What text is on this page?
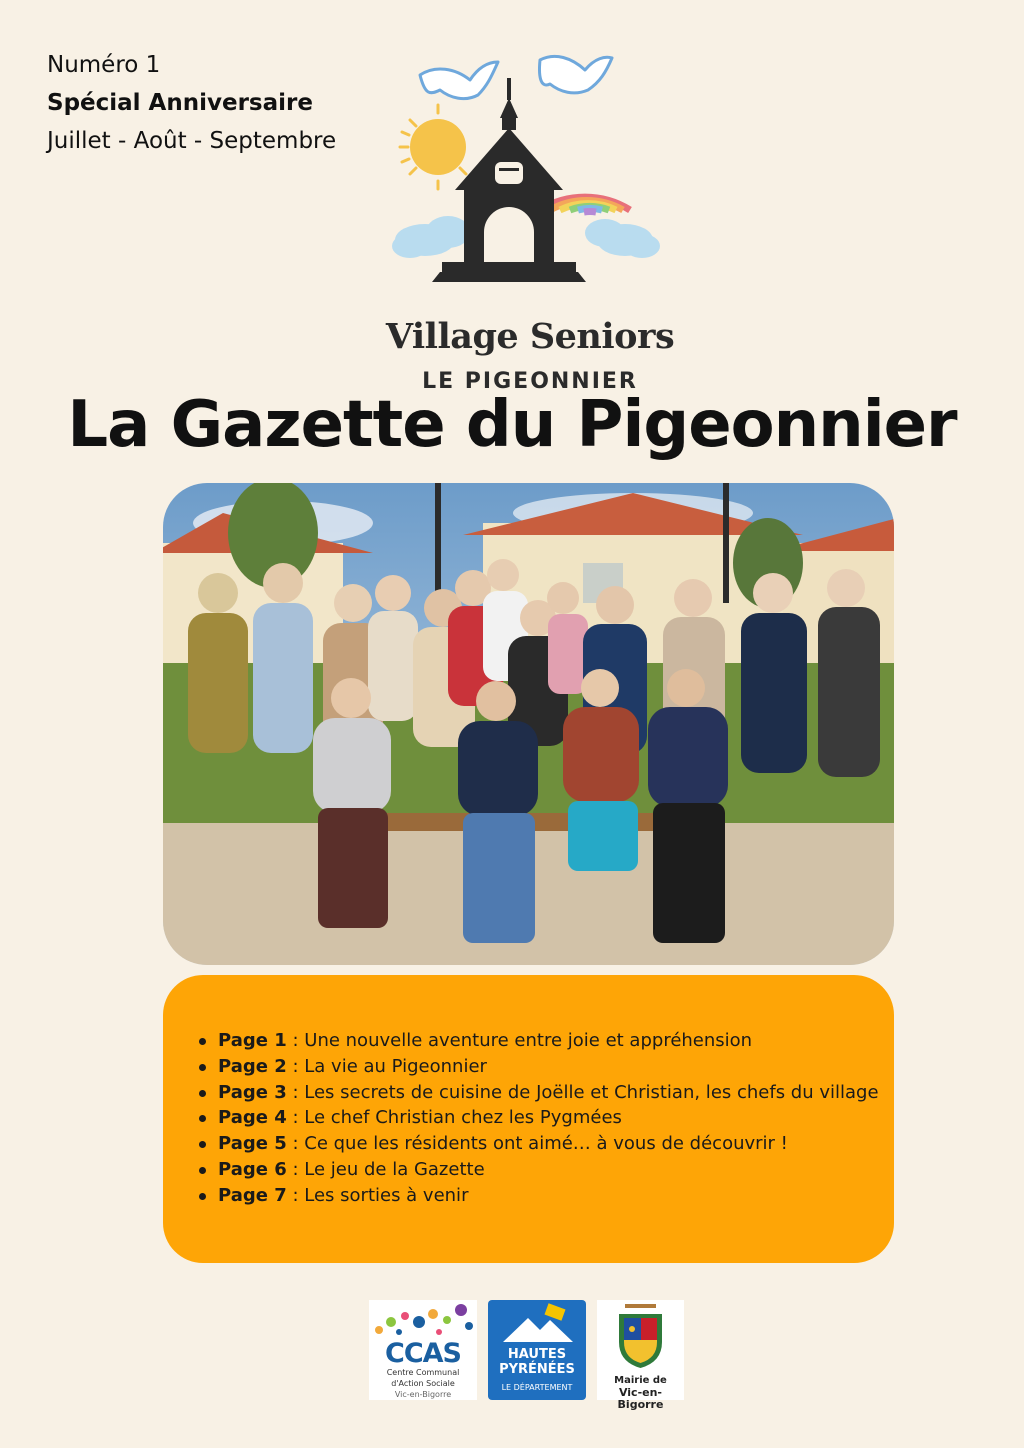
Numéro 1
Spécial Anniversaire
Juillet - Août - Septembre
Village Seniors
LE PIGEONNIER
La Gazette du Pigeonnier
Page 1 : Une nouvelle aventure entre joie et appréhension
Page 2 : La vie au Pigeonnier
Page 3 : Les secrets de cuisine de Joëlle et Christian, les chefs du village
Page 4 : Le chef Christian chez les Pygmées
Page 5 : Ce que les résidents ont aimé… à vous de découvrir !
Page 6 : Le jeu de la Gazette
Page 7 : Les sorties à venir
CCAS
Centre Communal
d'Action Sociale
Vic-en-Bigorre
HAUTES
PYRÉNÉES
LE DÉPARTEMENT
Mairie de
Vic-en-Bigorre
